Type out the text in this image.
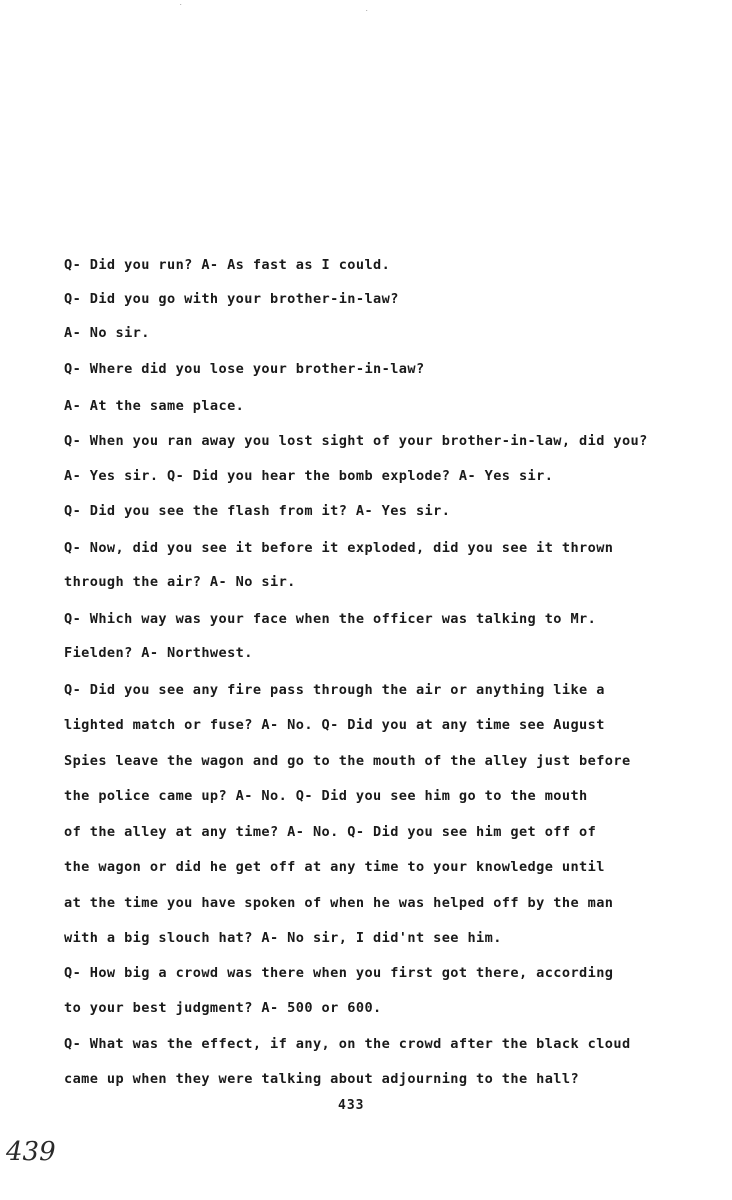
˙
˙
Q- Did you run? A- As fast as I could.
Q- Did you go with your brother-in-law?
A- No sir.
Q- Where did you lose your brother-in-law?
A- At the same place.
Q- When you ran away you lost sight of your brother-in-law, did you?
A- Yes sir. Q- Did you hear the bomb explode? A- Yes sir.
Q- Did you see the flash from it? A- Yes sir.
Q- Now, did you see it before it exploded, did you see it thrown
through the air? A- No sir.
Q- Which way was your face when the officer was talking to Mr.
Fielden? A- Northwest.
Q- Did you see any fire pass through the air or anything like a
lighted match or fuse? A- No. Q- Did you at any time see August
Spies leave the wagon and go to the mouth of the alley just before
the police came up? A- No. Q- Did you see him go to the mouth
of the alley at any time? A- No. Q- Did you see him get off of
the wagon or did he get off at any time to your knowledge until
at the time you have spoken of when he was helped off by the man
with a big slouch hat? A- No sir, I did'nt see him.
Q- How big a crowd was there when you first got there, according
to your best judgment? A- 500 or 600.
Q- What was the effect, if any, on the crowd after the black cloud
came up when they were talking about adjourning to the hall?
433
439
